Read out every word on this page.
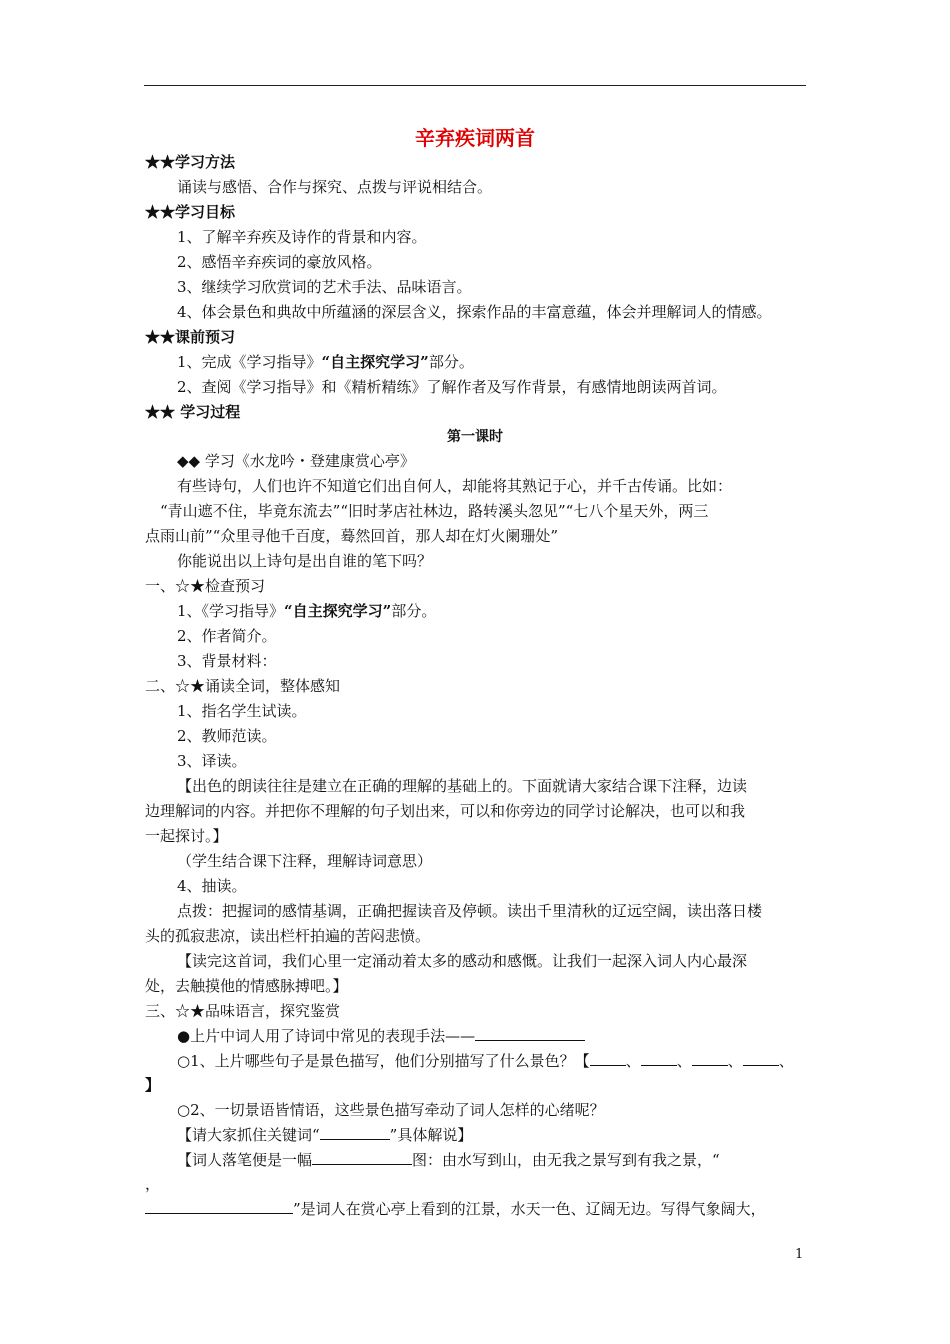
辛弃疾词两首
★★学习方法
诵读与感悟、合作与探究、点拨与评说相结合。
★★学习目标
1、了解辛弃疾及诗作的背景和内容。
2、感悟辛弃疾词的豪放风格。
3、继续学习欣赏词的艺术手法、品味语言。
4、体会景色和典故中所蕴涵的深层含义，探索作品的丰富意蕴，体会并理解词人的情感。
★★课前预习
1、完成《学习指导》“自主探究学习”部分。
2、查阅《学习指导》和《精析精练》了解作者及写作背景，有感情地朗读两首词。
★★ 学习过程
第一课时
◆◆ 学习《水龙吟・登建康赏心亭》
有些诗句，人们也许不知道它们出自何人，却能将其熟记于心，并千古传诵。比如：
“青山遮不住，毕竟东流去”“旧时茅店社林边，路转溪头忽见”“七八个星天外，两三
点雨山前”“众里寻他千百度，蓦然回首，那人却在灯火阑珊处”
你能说出以上诗句是出自谁的笔下吗？
一、☆★检查预习
1、《学习指导》“自主探究学习”部分。
2、作者简介。
3、背景材料：
二、☆★诵读全词，整体感知
1、指名学生试读。
2、教师范读。
3、译读。
【出色的朗读往往是建立在正确的理解的基础上的。下面就请大家结合课下注释，边读
边理解词的内容。并把你不理解的句子划出来，可以和你旁边的同学讨论解决，也可以和我
一起探讨。】
（学生结合课下注释，理解诗词意思）
4、抽读。
点拨：把握词的感情基调，正确把握读音及停顿。读出千里清秋的辽远空阔，读出落日楼
头的孤寂悲凉，读出栏杆拍遍的苦闷悲愤。
【读完这首词，我们心里一定涌动着太多的感动和感慨。让我们一起深入词人内心最深
处，去触摸他的情感脉搏吧。】
三、☆★品味语言，探究鉴赏
●上片中词人用了诗词中常见的表现手法——
○1、上片哪些句子是景色描写，他们分别描写了什么景色？【 、 、 、 、
】
○2、一切景语皆情语，这些景色描写牵动了词人怎样的心绪呢？
【请大家抓住关键词“	”具体解说】
【词人落笔便是一幅	图：由水写到山，由无我之景写到有我之景，“
，
”是词人在赏心亭上看到的江景，水天一色、辽阔无边。写得气象阔大，
1
